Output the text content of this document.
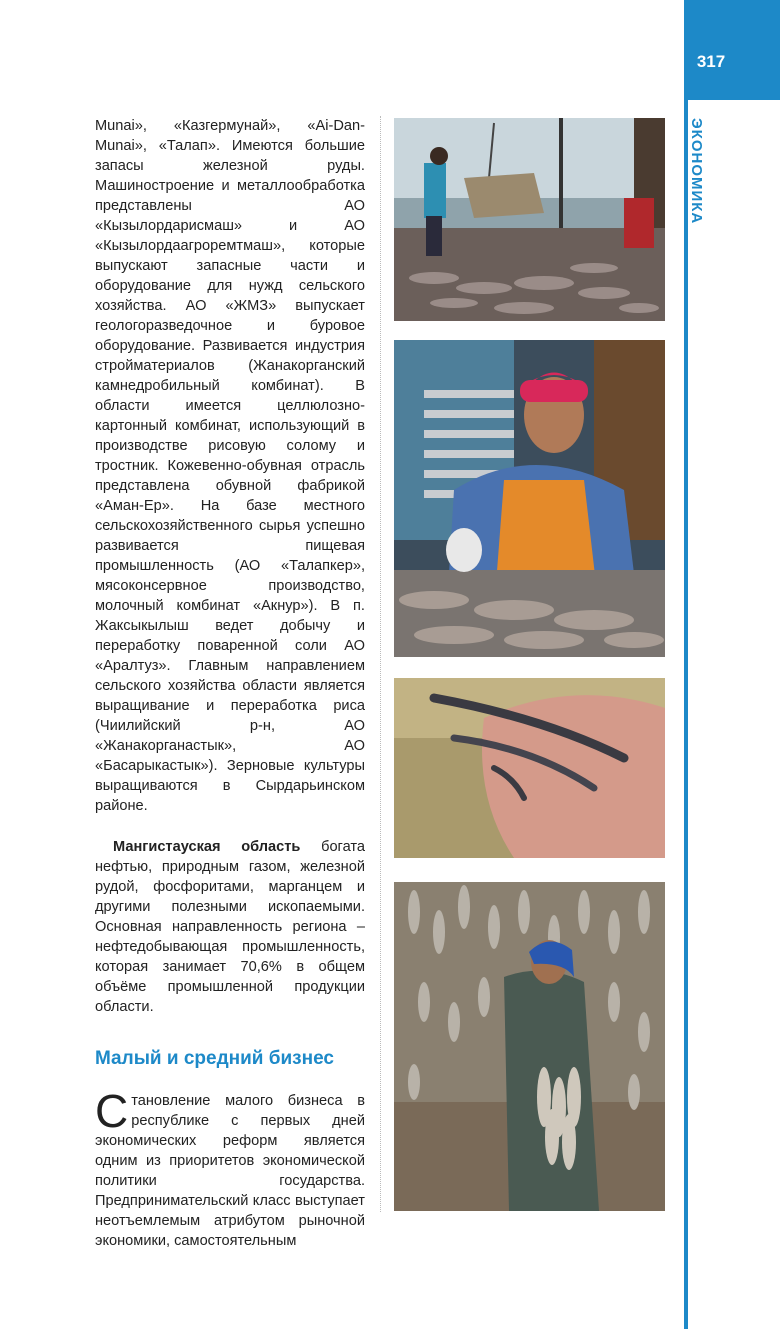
317
ЭКОНОМИКА

Munai», «Казгермунай», «Ai-Dan-Munai», «Талап». Имеются большие запасы железной руды. Машиностроение и металлообработка представлены АО «Кызылордарисмаш» и АО «Кызылордаагроремтмаш», которые выпускают запасные части и оборудование для нужд сельского хозяйства. АО «ЖМЗ» выпускает геологоразведочное и буровое оборудование. Развивается индустрия стройматериалов (Жанакорганский камнедробильный комбинат). В области имеется целлюлозно-картонный комбинат, использующий в производстве рисовую солому и тростник. Кожевенно-обувная отрасль представлена обувной фабрикой «Аман-Ер». На базе местного сельскохозяйственного сырья успешно развивается пищевая промышленность (АО «Талапкер», мясоконсервное производство, молочный комбинат «Акнур»). В п. Жаксыкылыш ведет добычу и переработку поваренной соли АО «Аралтуз». Главным направлением сельского хозяйства области является выращивание и переработка риса (Чиилийский р-н, АО «Жанакорганастык», АО «Басарыкастык»). Зерновые культуры выращиваются в Сырдарьинском районе.

Мангистауская область богата нефтью, природным газом, железной рудой, фосфоритами, марганцем и другими полезными ископаемыми. Основная направленность региона – нефтедобывающая промышленность, которая занимает 70,6% в общем объёме промышленной продукции области.

Малый и средний бизнес

Становление малого бизнеса в республике с первых дней экономических реформ является одним из приоритетов экономической политики государства. Предпринимательский класс выступает неотъемлемым атрибутом рыночной экономики, самостоятельным
